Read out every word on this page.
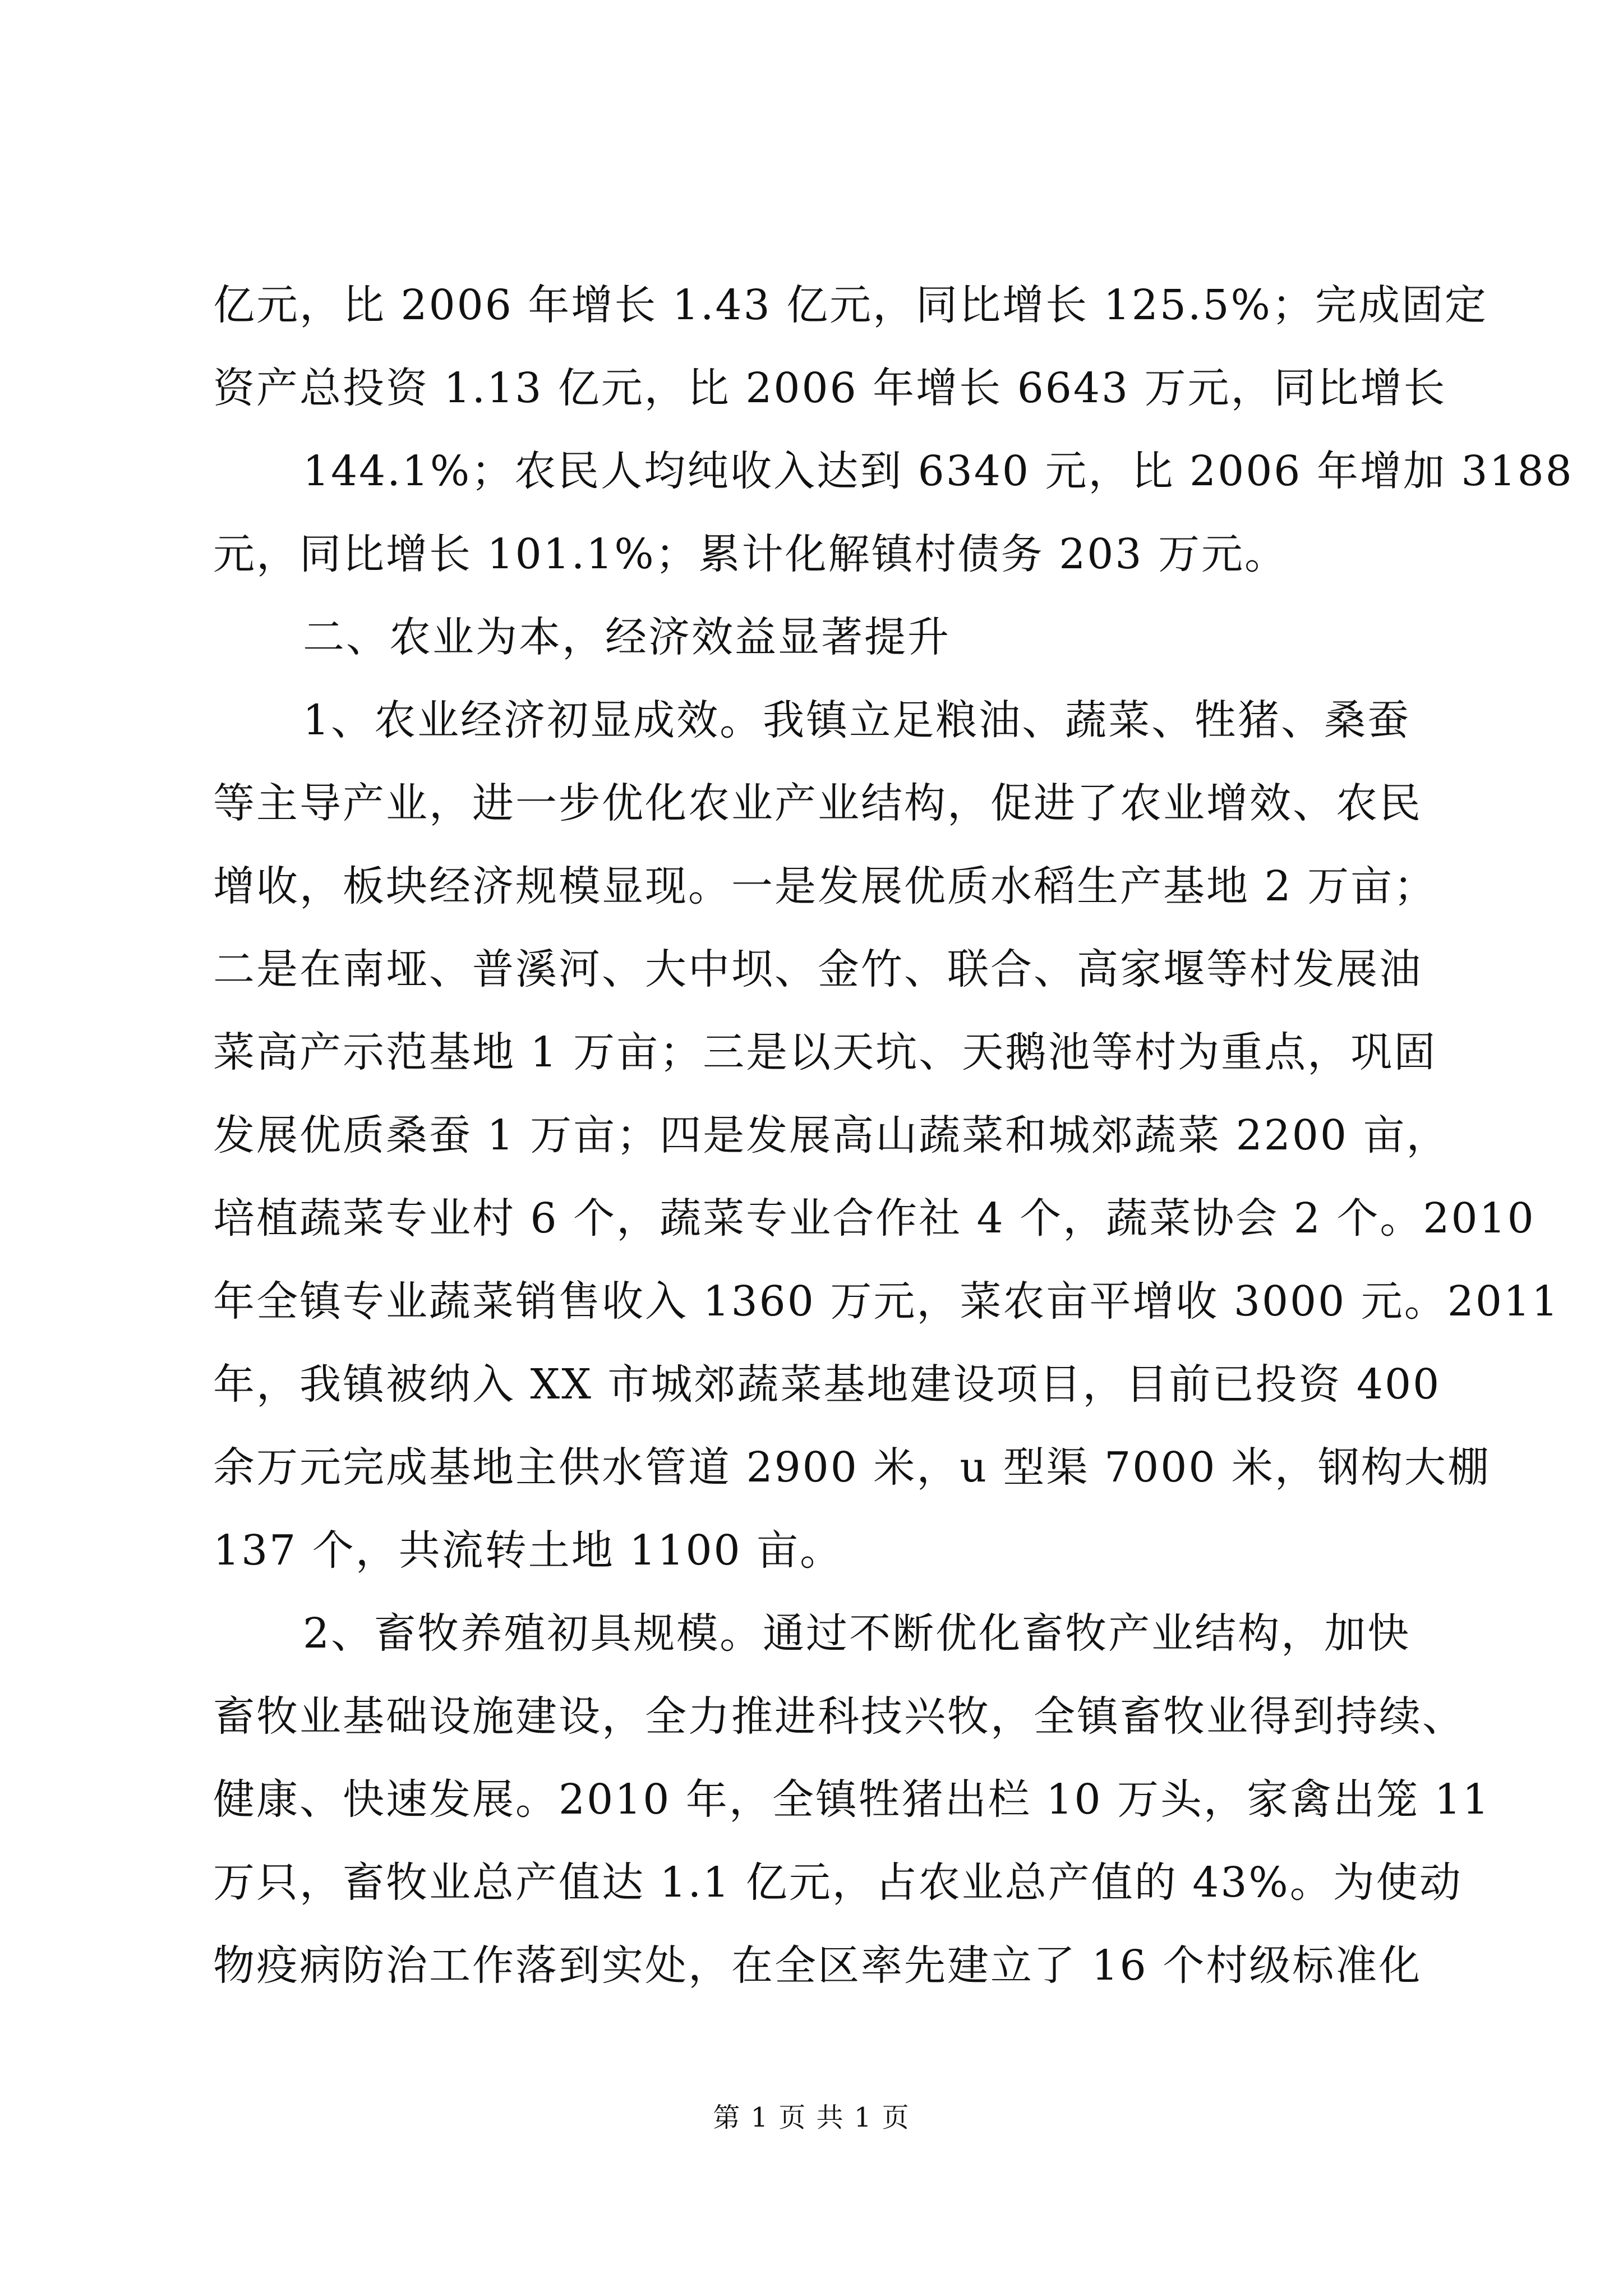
亿元，比 2006 年增长 1.43 亿元，同比增长 125.5%；完成固定
资产总投资 1.13 亿元，比 2006 年增长 6643 万元，同比增长
144.1%；农民人均纯收入达到 6340 元，比 2006 年增加 3188
元，同比增长 101.1%；累计化解镇村债务 203 万元。
二、农业为本，经济效益显著提升
1、农业经济初显成效。我镇立足粮油、蔬菜、牲猪、桑蚕
等主导产业，进一步优化农业产业结构，促进了农业增效、农民
增收，板块经济规模显现。一是发展优质水稻生产基地 2 万亩；
二是在南垭、普溪河、大中坝、金竹、联合、高家堰等村发展油
菜高产示范基地 1 万亩；三是以天坑、天鹅池等村为重点，巩固
发展优质桑蚕 1 万亩；四是发展高山蔬菜和城郊蔬菜 2200 亩，
培植蔬菜专业村 6 个，蔬菜专业合作社 4 个，蔬菜协会 2 个。2010
年全镇专业蔬菜销售收入 1360 万元，菜农亩平增收 3000 元。2011
年，我镇被纳入 XX 市城郊蔬菜基地建设项目，目前已投资 400
余万元完成基地主供水管道 2900 米，u 型渠 7000 米，钢构大棚
137 个，共流转土地 1100 亩。
2、畜牧养殖初具规模。通过不断优化畜牧产业结构，加快
畜牧业基础设施建设，全力推进科技兴牧，全镇畜牧业得到持续、
健康、快速发展。2010 年，全镇牲猪出栏 10 万头，家禽出笼 11
万只，畜牧业总产值达 1.1 亿元，占农业总产值的 43%。为使动
物疫病防治工作落到实处，在全区率先建立了 16 个村级标准化
第 1 页 共 1 页
